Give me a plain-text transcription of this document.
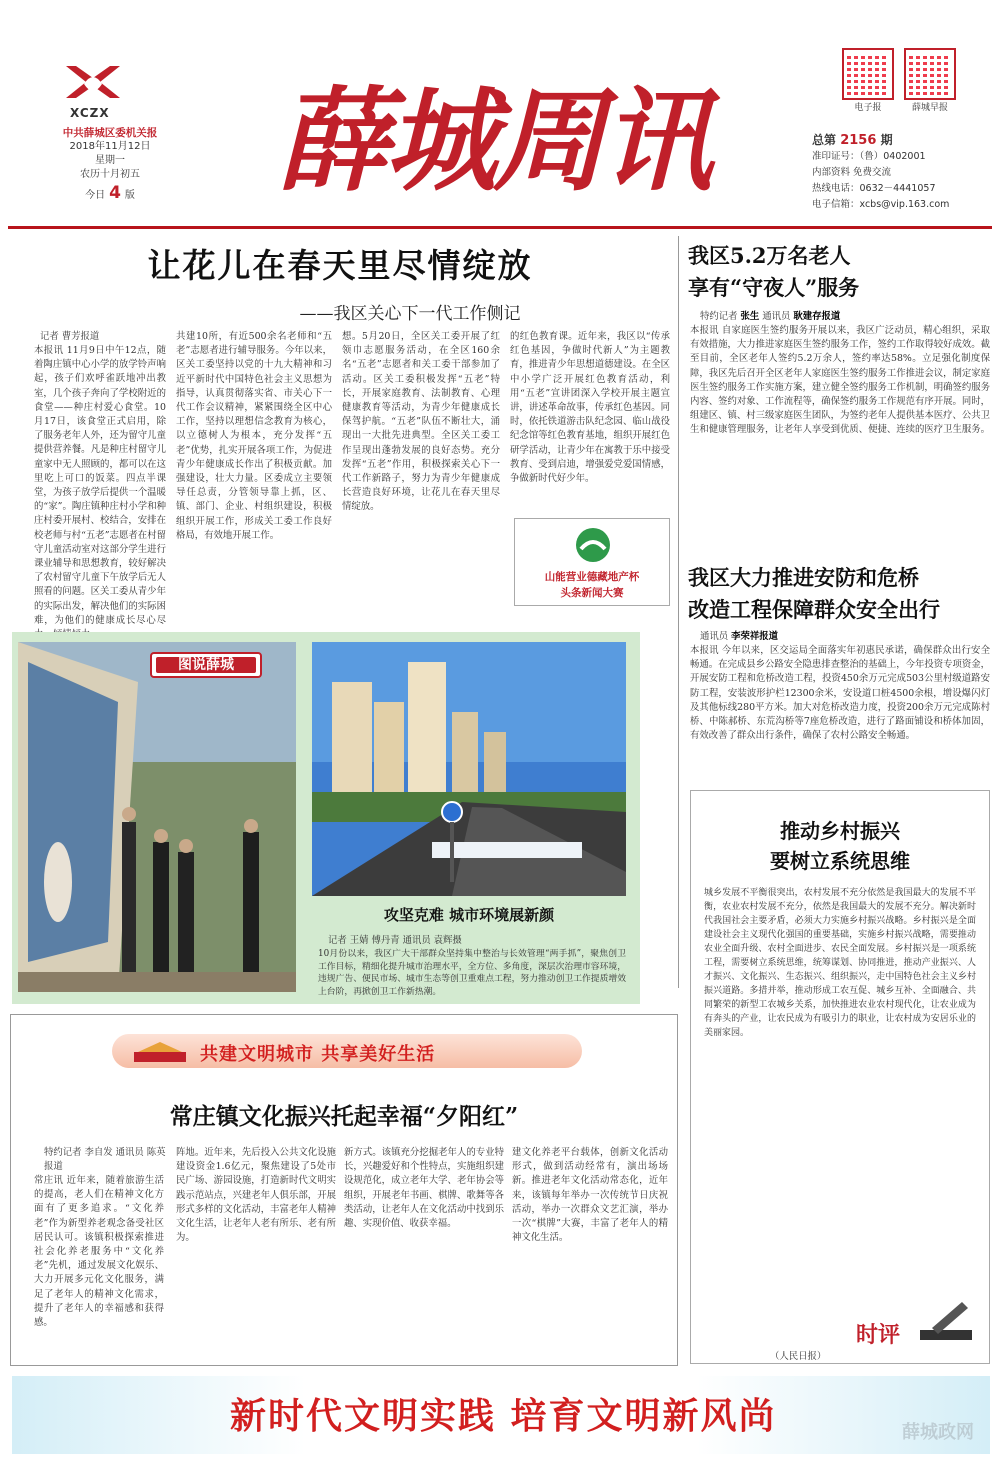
XCZX
中共薛城区委机关报
2018年11月12日
星期一
农历十月初五
今日 4 版	薛城周讯	电子报	薛城早报
总第 2156 期
准印证号：（鲁）0402001
内部资料 免费交流
热线电话：0632－4441057
电子信箱：xcbs@vip.163.com
让花儿在春天里尽情绽放
——我区关心下一代工作侧记
记者 曹芳报道
本报讯 11月9日中午12点，随着陶庄镇中心小学的放学铃声响起，孩子们欢呼雀跃地冲出教室，几个孩子奔向了学校附近的食堂——种庄村爱心食堂。10月17日，该食堂正式启用，除了服务老年人外，还为留守儿童提供营养餐。凡是种庄村留守儿童家中无人照顾的，都可以在这里吃上可口的饭菜。四点半课堂，为孩子放学后提供一个温暖的“家”。陶庄镇种庄村小学和种庄村委开展村、校结合，安排在校老师与村“五老”志愿者在村留守儿童活动室对这部分学生进行课业辅导和思想教育，较好解决了农村留守儿童下午放学后无人照看的问题。区关工委从青少年的实际出发，解决他们的实际困难，为他们的健康成长尽心尽
共建10所，有近500余名老师和“五老”志愿者进行辅导服务。今年以来，区关工委坚持以党的十九大精神和习近平新时代中国特色社会主义思想为指导，认真贯彻落实省、市关心下一代工作会议精神，紧紧围绕全区中心工作，坚持以理想信念教育为核心，以立德树人为根本，充分发挥“五老”优势，扎实开展各项工作，为促进青少年健康成长作出了积极贡献。加强建设，壮大力量。区委成立主要领导任总责，分管领导靠上抓，区、镇、部门、企业、村组织建设，积极组织开展工作，形成关工委工作良好格局，有效地开展工作。
想。5月20日，全区关工委开展了红领巾志愿服务活动，在全区160余名“五老”志愿者和关工委干部参加了活动。区关工委积极发挥“五老”特长，开展家庭教育、法制教育、心理健康教育等活动，为青少年健康成长保驾护航。“五老”队伍不断壮大，涌现出一大批先进典型。全区关工委工作呈现出蓬勃发展的良好态势。充分发挥“五老”作用，积极探索关心下一代工作新路子，努力为青少年健康成长营造良好环境，让花儿在春天里尽情绽放。
的红色教育课。近年来，我区以“传承红色基因，争做时代新人”为主题教育，推进青少年思想道德建设。在全区中小学广泛开展红色教育活动，利用“五老”宣讲团深入学校开展主题宣讲，讲述革命故事，传承红色基因。同时，依托铁道游击队纪念园、临山战役纪念馆等红色教育基地，组织开展红色研学活动，让青少年在寓教于乐中接受教育、受到启迪，增强爱党爱国情感，争做新时代好少年。
山能营业德藏地产杯
头条新闻大赛
我区5.2万名老人
享有“守夜人”服务
特约记者 张生 通讯员 耿建存报道
本报讯 自家庭医生签约服务开展以来，我区广泛动员，精心组织，采取有效措施，大力推进家庭医生签约服务工作，签约工作取得较好成效。截至目前，全区老年人签约5.2万余人，签约率达58%。立足强化制度保障，我区先后召开全区老年人家庭医生签约服务工作推进会议，制定家庭医生签约服务工作实施方案，建立健全签约服务工作机制，明确签约服务内容、签约对象、工作流程等，确保签约服务工作规范有序开展。同时，组建区、镇、村三级家庭医生团队，为签约老年人提供基本医疗、公共卫生和健康管理服务，让老年人享受到优质、便捷、连续的医疗卫生服务。
我区大力推进安防和危桥
改造工程保障群众安全出行
通讯员 李荣祥报道
本报讯 今年以来，区交运局全面落实年初惠民承诺，确保群众出行安全畅通。在完成县乡公路安全隐患排查整治的基础上，今年投资专项资金，开展安防工程和危桥改造工程，投资450余万元完成503公里村级道路安防工程，安装波形护栏12300余米，安设道口桩4500余根，增设爆闪灯及其他标线280平方米。加大对危桥改造力度，投资200余万元完成陈村桥、中陈郝桥、东荒沟桥等7座危桥改造，进行了路面铺设和桥体加固，有效改善了群众出行条件，确保了农村公路安全畅通。
图说薛城
攻坚克难 城市环境展新颜
记者 王婧 傅丹青 通讯员 袁辉摄
10月份以来，我区广大干部群众坚持集中整治与长效管理“两手抓”，聚焦创卫工作目标，精细化提升城市治理水平，全方位、多角度，深层次治理市容环境，违规广告、便民市场、城市生态等创卫重难点工程，努力推动创卫工作提质增效上台阶，再掀创卫工作新热潮。
共建文明城市 共享美好生活
常庄镇文化振兴托起幸福“夕阳红”
特约记者 李自发 通讯员 陈英报道
常庄讯 近年来，随着旅游生活的提高，老人们在精神文化方面有了更多追求。“文化养老”作为新型养老观念备受社区居民认可。该镇积极探索推进社会化养老服务中“文化养老”先机，通过发展文化娱乐、大力开展多元化文化服务，满足了老年人的精神文化需求，提升了老年人的幸福感和获得感。
阵地。近年来，先后投入公共文化设施建设资金1.6亿元，聚焦建设了5处市民广场、游园设施，打造新时代文明实践示范站点，兴建老年人俱乐部，开展形式多样的文化活动，丰富老年人精神文化生活，让老年人老有所乐、老有所为。
新方式。该镇充分挖掘老年人的专业特长，兴趣爱好和个性特点，实施组织建设规范化，成立老年大学、老年协会等组织，开展老年书画、棋牌、歌舞等各类活动，让老年人在文化活动中找到乐趣、实现价值、收获幸福。
建文化养老平台载体，创新文化活动形式，做到活动经常有，演出场场新。推进老年文化活动常态化，近年来，该镇每年举办一次传统节日庆祝活动，举办一次群众文艺汇演，举办一次“棋牌”大赛，丰富了老年人的精神文化生活。
推动乡村振兴
要树立系统思维
城乡发展不平衡很突出，农村发展不充分依然是我国最大的发展不平衡，农业农村发展不充分，依然是我国最大的发展不充分。解决新时代我国社会主要矛盾，必须大力实施乡村振兴战略。乡村振兴是全面建设社会主义现代化强国的重要基础，实施乡村振兴战略，需要推动农业全面升级、农村全面进步、农民全面发展。乡村振兴是一项系统工程，需要树立系统思维，统筹谋划、协同推进，推动产业振兴、人才振兴、文化振兴、生态振兴、组织振兴，走中国特色社会主义乡村振兴道路。多措并举，推动形成工农互促、城乡互补、全面融合、共同繁荣的新型工农城乡关系，加快推进农业农村现代化，让农业成为有奔头的产业，让农民成为有吸引力的职业，让农村成为安居乐业的美丽家园。
时评
（人民日报）
新时代文明实践 培育文明新风尚	薛城政网
